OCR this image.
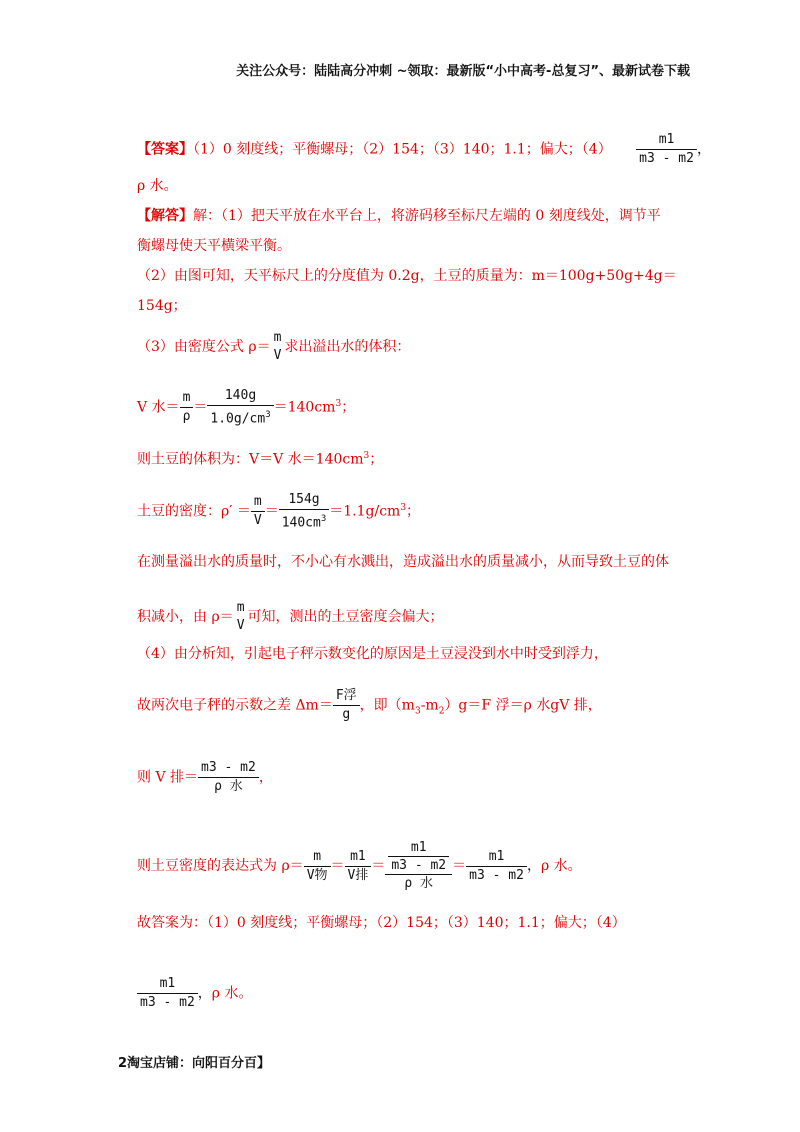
关注公众号：陆陆高分冲刺 ~领取：最新版“小中高考-总复习”、最新试卷下载
【答案】（1）0 刻度线；平衡螺母；（2）154；（3）140；1.1；偏大；$(4) \frac{m1}{m3 - m2}$ ，
ρ 水。
【解答】解：（1）把天平放在水平台上，将游码移至标尺左端的 0 刻度线处，调节平
衡螺母使天平横梁平衡。
（2）由图可知，天平标尺上的分度值为 0.2g，土豆的质量为：m＝100g+50g+4g＝
154g；
（3）由密度公式 ρ＝
m
V
求出溢出水的体积：
V 水＝ $\frac{m}{\rho} = \frac{140g}{1.0g/cm^3} =140cm^3$；
则土豆的体积为：V＝V 水$=140cm^3$；
土豆的密度：$\rho' = \frac{m}{V} = \frac{154g}{140cm^3} =1.1g/cm^3$；
在测量溢出水的质量时，不小心有水溅出，造成溢出水的质量减小，从而导致土豆的体
积减小，由 ρ＝
m
V
可知，测出的土豆密度会偏大；
（4）由分析知，引起电子秤示数变化的原因是土豆浸没到水中时受到浮力，
故两次电子秤的示数之差 $\Delta m= \frac{\text{F浮}}{g}$ ，即$(m_3-m_2)g=F$ 浮＝ρ 水gV 排，
则 V 排＝ $\frac{m3 - m2}{\text{ρ 水}}$ ，
则土豆密度的表达式为 $\rho= \frac{m}{\text{V物}} = \frac{m1}{\text{V排}} = \frac{\frac{m1}{m3 - m2}}{\text{ρ 水}} = \frac{m1}{m3 - m2}$ ，ρ 水。
故答案为：（1）0 刻度线；平衡螺母；（2）154；（3）140；1.1；偏大；（4）
$\frac{m1}{m3 - m2}$ ，ρ 水。
2淘宝店铺：向阳百分百】
